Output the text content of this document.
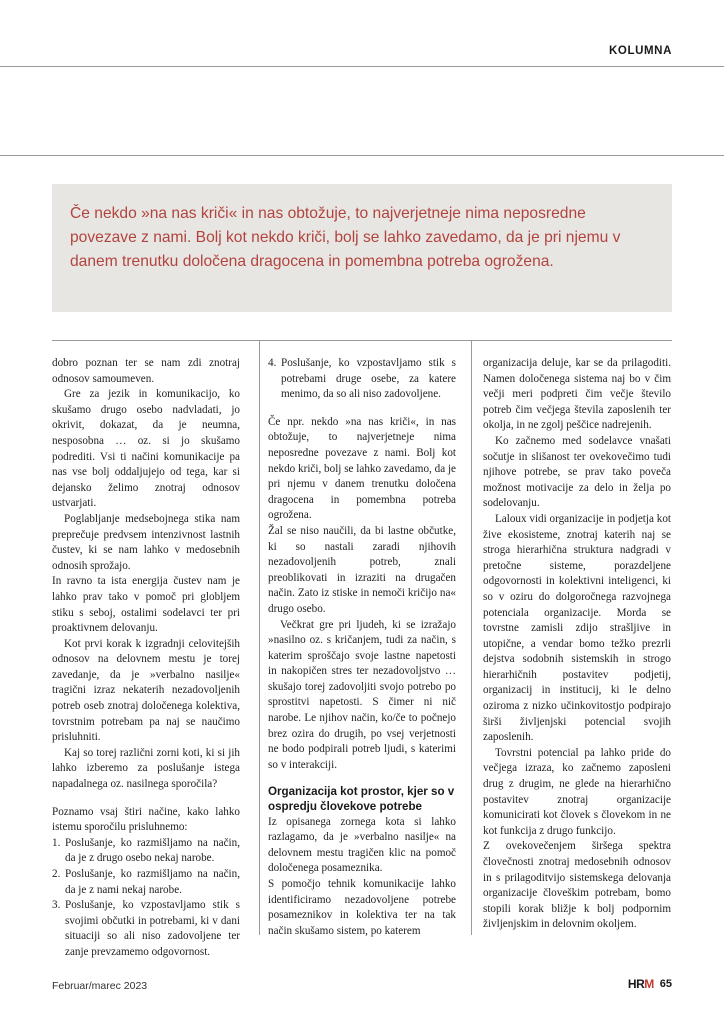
KOLUMNA

Če nekdo »na nas kriči« in nas obtožuje, to najverjetneje nima neposredne povezave z nami. Bolj kot nekdo kriči, bolj se lahko zavedamo, da je pri njemu v danem trenutku določena dragocena in pomembna potreba ogrožena.

dobro poznan ter se nam zdi znotraj odnosov samoumeven.

Gre za jezik in komunikacijo, ko skušamo drugo osebo nadvladati, jo okrivit, dokazat, da je neumna, nesposobna … oz. si jo skušamo podrediti. Vsi ti načini komunikacije pa nas vse bolj oddaljujejo od tega, kar si dejansko želimo znotraj odnosov ustvarjati.

Poglabljanje medsebojnega stika nam preprečuje predvsem intenzivnost lastnih čustev, ki se nam lahko v medosebnih odnosih sprožajo.

In ravno ta ista energija čustev nam je lahko prav tako v pomoč pri globljem stiku s seboj, ostalimi sodelavci ter pri proaktivnem delovanju.

Kot prvi korak k izgradnji celovitejših odnosov na delovnem mestu je torej zavedanje, da je »verbalno nasilje« tragični izraz nekaterih nezadovoljenih potreb oseb znotraj določenega kolektiva, tovrstnim potrebam pa naj se naučimo prisluhniti.

Kaj so torej različni zorni koti, ki si jih lahko izberemo za poslušanje istega napadalnega oz. nasilnega sporočila?

Poznamo vsaj štiri načine, kako lahko istemu sporočilu prisluhnemo:

1. Poslušanje, ko razmišljamo na način, da je z drugo osebo nekaj narobe.
2. Poslušanje, ko razmišljamo na način, da je z nami nekaj narobe.
3. Poslušanje, ko vzpostavljamo stik s svojimi občutki in potrebami, ki v dani situaciji so ali niso zadovoljene ter zanje prevzamemo odgovornost.
4. Poslušanje, ko vzpostavljamo stik s potrebami druge osebe, za katere menimo, da so ali niso zadovoljene.

Če npr. nekdo »na nas kriči«, in nas obtožuje, to najverjetneje nima neposredne povezave z nami. Bolj kot nekdo kriči, bolj se lahko zavedamo, da je pri njemu v danem trenutku določena dragocena in pomembna potreba ogrožena.

Žal se niso naučili, da bi lastne občutke, ki so nastali zaradi njihovih nezadovoljenih potreb, znali preoblikovati in izraziti na drugačen način. Zato iz stiske in nemoči kričijo na« drugo osebo.

Večkrat gre pri ljudeh, ki se izražajo »nasilno oz. s kričanjem, tudi za način, s katerim sproščajo svoje lastne napetosti in nakopičen stres ter nezadovoljstvo … skušajo torej zadovoljiti svojo potrebo po sprostitvi napetosti. S čimer ni nič narobe. Le njihov način, ko/če to počnejo brez ozira do drugih, po vsej verjetnosti ne bodo podpirali potreb ljudi, s katerimi so v interakciji.

Organizacija kot prostor, kjer so v ospredju človekove potrebe

Iz opisanega zornega kota si lahko razlagamo, da je »verbalno nasilje« na delovnem mestu tragičen klic na pomoč določenega posameznika.

S pomočjo tehnik komunikacije lahko identificiramo nezadovoljene potrebe posameznikov in kolektiva ter na tak način skušamo sistem, po katerem

organizacija deluje, kar se da prilagoditi. Namen določenega sistema naj bo v čim večji meri podpreti čim večje število potreb čim večjega števila zaposlenih ter okolja, in ne zgolj peščice nadrejenih.

Ko začnemo med sodelavce vnašati sočutje in slišanost ter ovekovečimo tudi njihove potrebe, se prav tako poveča možnost motivacije za delo in želja po sodelovanju.

Laloux vidi organizacije in podjetja kot žive ekosisteme, znotraj katerih naj se stroga hierarhična struktura nadgradi v pretočne sisteme, porazdeljene odgovornosti in kolektivni inteligenci, ki so v oziru do dolgoročnega razvojnega potenciala organizacije. Morda se tovrstne zamisli zdijo strašljive in utopične, a vendar bomo težko prezrli dejstva sodobnih sistemskih in strogo hierarhičnih postavitev podjetij, organizacij in institucij, ki le delno oziroma z nizko učinkovitostjo podpirajo širši življenjski potencial svojih zaposlenih.

Tovrstni potencial pa lahko pride do večjega izraza, ko začnemo zaposleni drug z drugim, ne glede na hierarhično postavitev znotraj organizacije komunicirati kot človek s človekom in ne kot funkcija z drugo funkcijo.

Z ovekovečenjem širšega spektra človečnosti znotraj medosebnih odnosov in s prilagoditvijo sistemskega delovanja organizacije človeškim potrebam, bomo stopili korak bližje k bolj podpornim življenjskim in delovnim okoljem.

Februar/marec 2023	HRM 65
